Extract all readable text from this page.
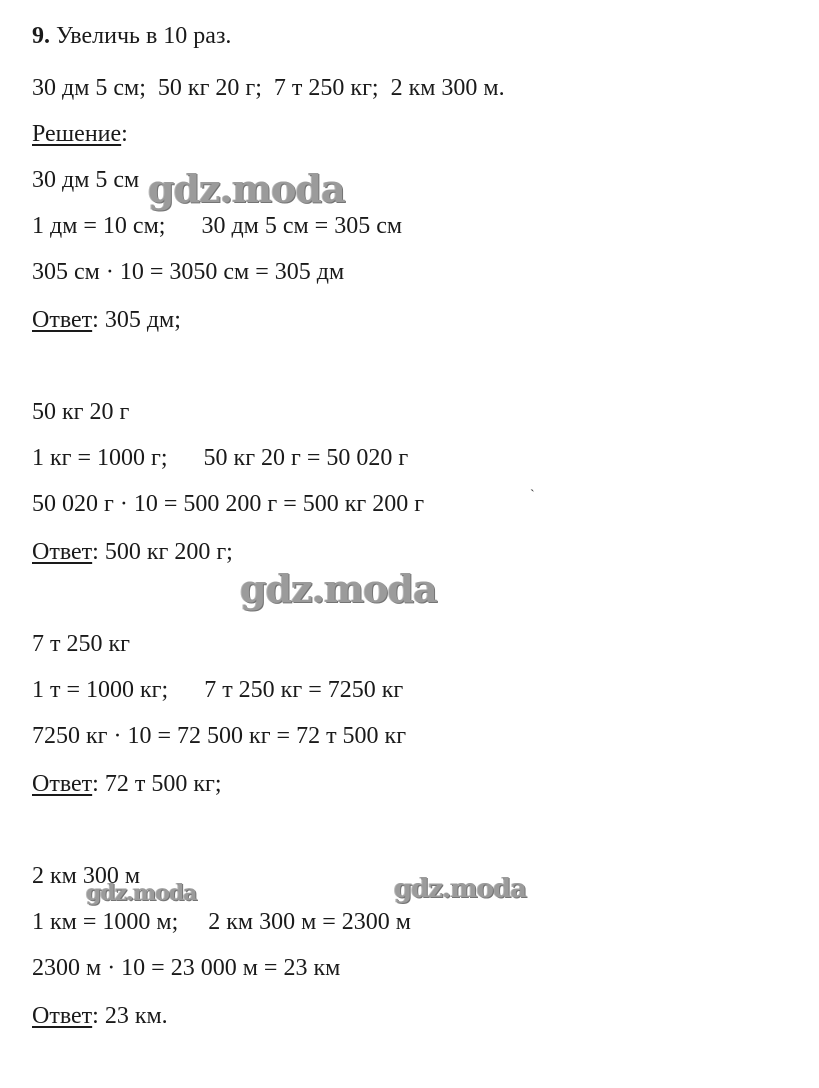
9. Увеличь в 10 раз.
30 дм 5 см;  50 кг 20 г;  7 т 250 кг;  2 км 300 м.
Решение:
30 дм 5 см
1 дм = 10 см;      30 дм 5 см = 305 см
305 см · 10 = 3050 см = 305 дм
Ответ: 305 дм;
50 кг 20 г
1 кг = 1000 г;      50 кг 20 г = 50 020 г
50 020 г · 10 = 500 200 г = 500 кг 200 г
Ответ: 500 кг 200 г;
7 т 250 кг
1 т = 1000 кг;      7 т 250 кг = 7250 кг
7250 кг · 10 = 72 500 кг = 72 т 500 кг
Ответ: 72 т 500 кг;
2 км 300 м
1 км = 1000 м;     2 км 300 м = 2300 м
2300 м · 10 = 23 000 м = 23 км
Ответ: 23 км.
`
gdz.moda
gdz.moda
gdz.moda	gdz.moda
